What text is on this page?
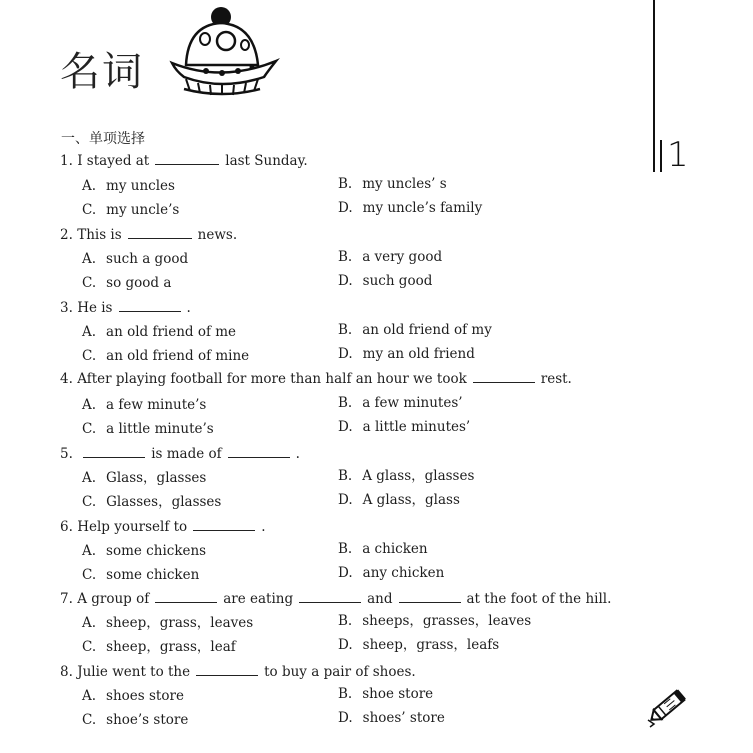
名词
1
一、单项选择
1. I stayed at	last Sunday.
A. my uncles	B. my uncles’ s
C. my uncle’s	D. my uncle’s family
2. This is	news.
A. such a good	B. a very good
C. so good a	D. such good
3. He is	.
A. an old friend of me	B. an old friend of my
C. an old friend of mine	D. my an old friend
4. After playing football for more than half an hour we took	rest.
A. a few minute’s	B. a few minutes’
C. a little minute’s	D. a little minutes’
5.	is made of	.
A. Glass，glasses	B. A glass，glasses
C. Glasses，glasses	D. A glass，glass
6. Help yourself to	.
A. some chickens	B. a chicken
C. some chicken	D. any chicken
7. A group of	are eating	and	at the foot of the hill.
A. sheep，grass，leaves	B. sheeps，grasses，leaves
C. sheep，grass，leaf	D. sheep，grass，leafs
8. Julie went to the	to buy a pair of shoes.
A. shoes store	B. shoe store
C. shoe’s store	D. shoes’ store
